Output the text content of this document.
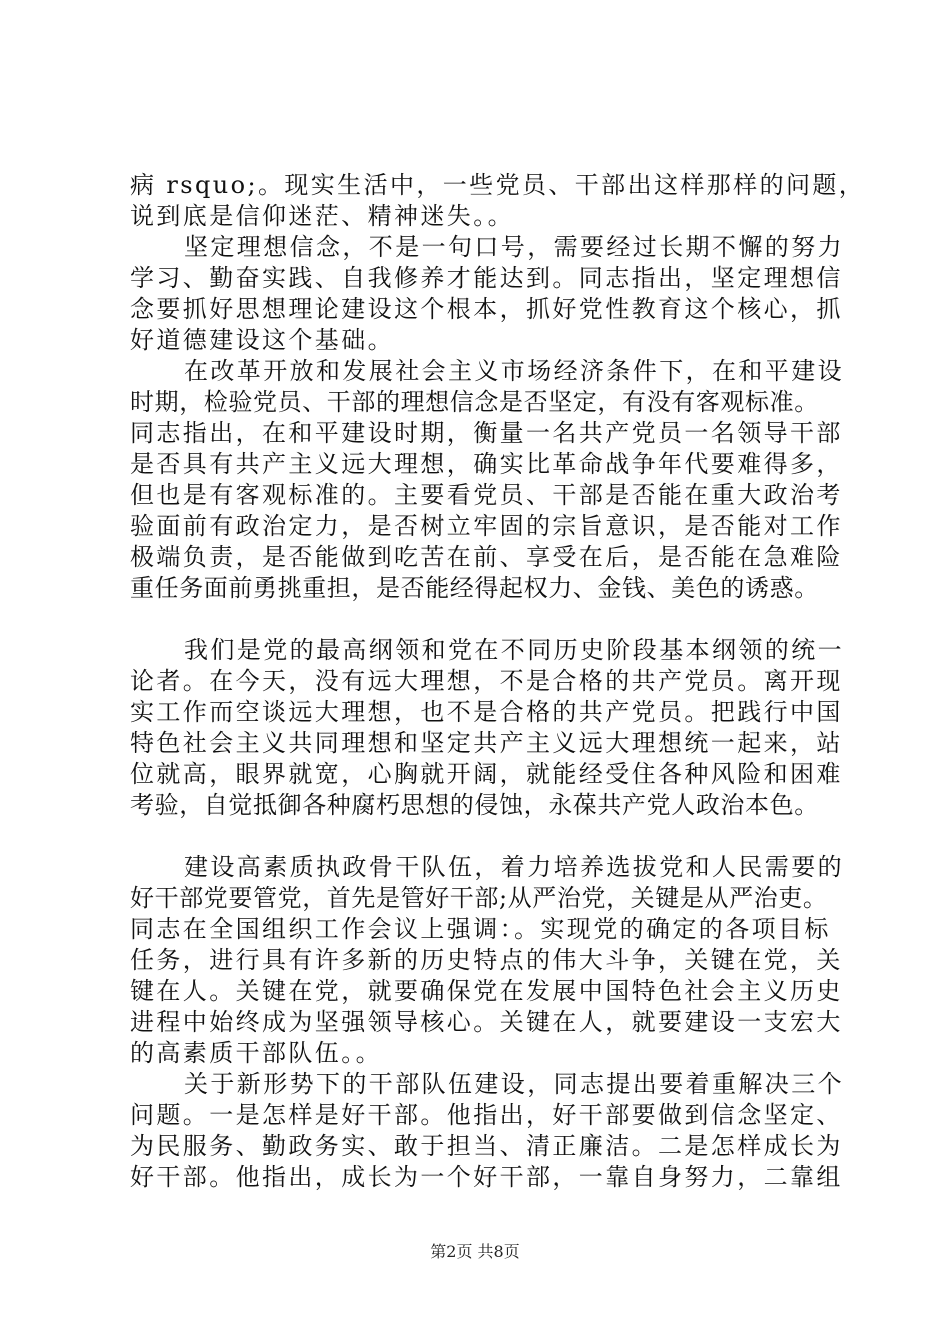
病 rsquo;。现实生活中，一些党员、干部出这样那样的问题，
说到底是信仰迷茫、精神迷失。。
坚定理想信念，不是一句口号，需要经过长期不懈的努力
学习、勤奋实践、自我修养才能达到。同志指出，坚定理想信
念要抓好思想理论建设这个根本，抓好党性教育这个核心，抓
好道德建设这个基础。
在改革开放和发展社会主义市场经济条件下，在和平建设
时期，检验党员、干部的理想信念是否坚定，有没有客观标准。
同志指出，在和平建设时期，衡量一名共产党员一名领导干部
是否具有共产主义远大理想，确实比革命战争年代要难得多，
但也是有客观标准的。主要看党员、干部是否能在重大政治考
验面前有政治定力，是否树立牢固的宗旨意识，是否能对工作
极端负责，是否能做到吃苦在前、享受在后，是否能在急难险
重任务面前勇挑重担，是否能经得起权力、金钱、美色的诱惑。
我们是党的最高纲领和党在不同历史阶段基本纲领的统一
论者。在今天，没有远大理想，不是合格的共产党员。离开现
实工作而空谈远大理想，也不是合格的共产党员。把践行中国
特色社会主义共同理想和坚定共产主义远大理想统一起来，站
位就高，眼界就宽，心胸就开阔，就能经受住各种风险和困难
考验，自觉抵御各种腐朽思想的侵蚀，永葆共产党人政治本色。
建设高素质执政骨干队伍，着力培养选拔党和人民需要的
好干部党要管党，首先是管好干部;从严治党，关键是从严治吏。
同志在全国组织工作会议上强调：。实现党的确定的各项目标
任务，进行具有许多新的历史特点的伟大斗争，关键在党，关
键在人。关键在党，就要确保党在发展中国特色社会主义历史
进程中始终成为坚强领导核心。关键在人，就要建设一支宏大
的高素质干部队伍。。
关于新形势下的干部队伍建设，同志提出要着重解决三个
问题。一是怎样是好干部。他指出，好干部要做到信念坚定、
为民服务、勤政务实、敢于担当、清正廉洁。二是怎样成长为
好干部。他指出，成长为一个好干部，一靠自身努力，二靠组
第2页 共8页
